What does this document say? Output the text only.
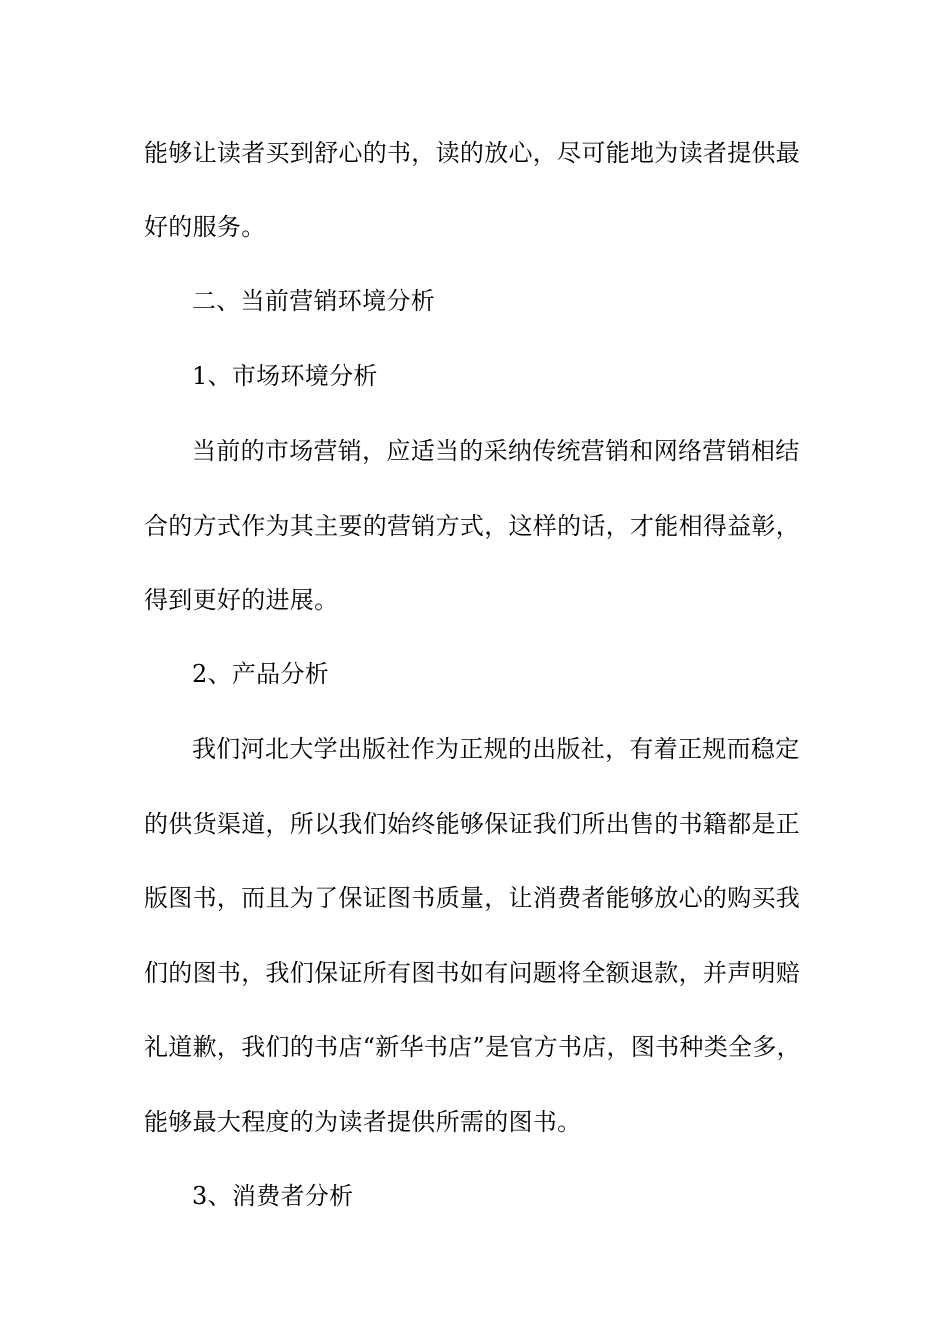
能够让读者买到舒心的书，读的放心，尽可能地为读者提供最
好的服务。
二、当前营销环境分析
1、市场环境分析
当前的市场营销，应适当的采纳传统营销和网络营销相结
合的方式作为其主要的营销方式，这样的话，才能相得益彰，
得到更好的进展。
2、产品分析
我们河北大学出版社作为正规的出版社，有着正规而稳定
的供货渠道，所以我们始终能够保证我们所出售的书籍都是正
版图书，而且为了保证图书质量，让消费者能够放心的购买我
们的图书，我们保证所有图书如有问题将全额退款，并声明赔
礼道歉，我们的书店“新华书店”是官方书店，图书种类全多，
能够最大程度的为读者提供所需的图书。
3、消费者分析
